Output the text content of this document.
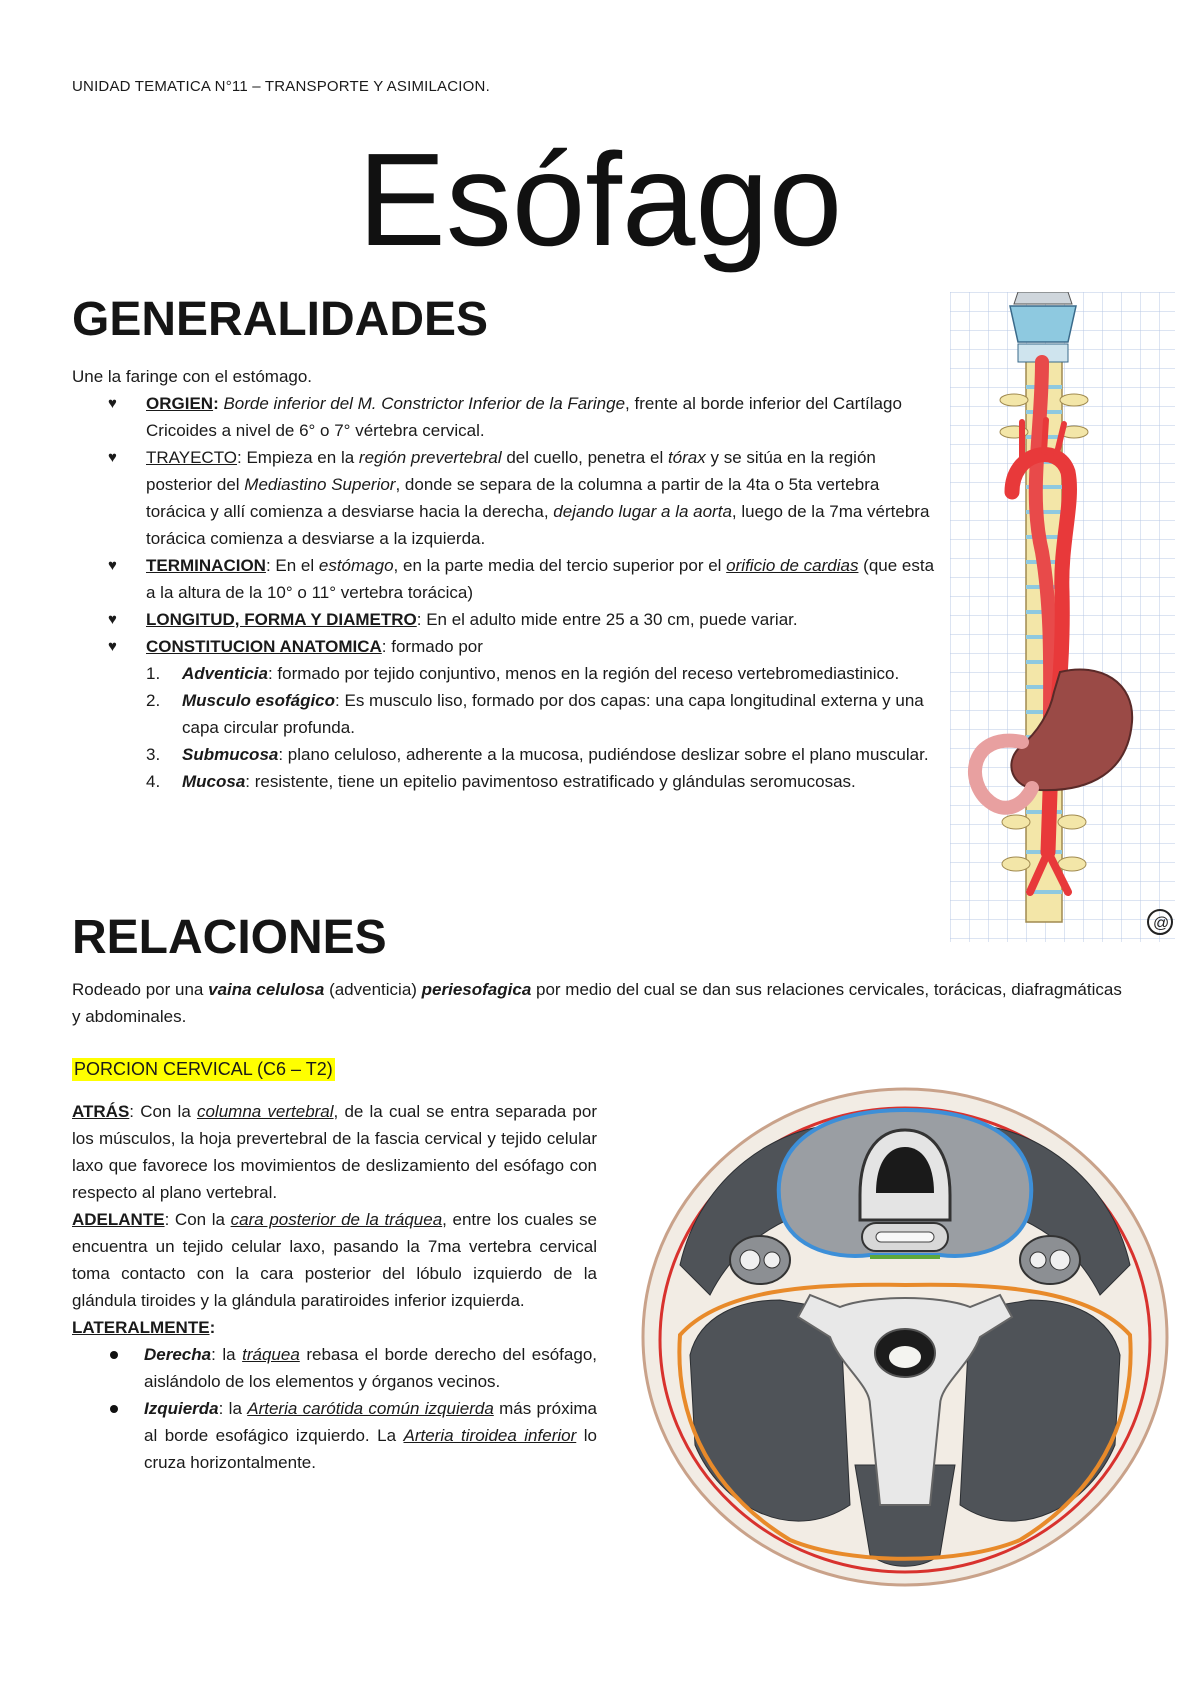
UNIDAD TEMATICA N°11 – TRANSPORTE Y ASIMILACION.
Esófago
GENERALIDADES
Une la faringe con el estómago.
♥ ORGIEN: Borde inferior del M. Constrictor Inferior de la Faringe, frente al borde inferior del Cartílago Cricoides a nivel de 6° o 7° vértebra cervical.
♥ TRAYECTO: Empieza en la región prevertebral del cuello, penetra el tórax y se sitúa en la región posterior del Mediastino Superior, donde se separa de la columna a partir de la 4ta o 5ta vertebra torácica y allí comienza a desviarse hacia la derecha, dejando lugar a la aorta, luego de la 7ma vértebra torácica comienza a desviarse a la izquierda.
♥ TERMINACION: En el estómago, en la parte media del tercio superior por el orificio de cardias (que esta a la altura de la 10° o 11° vertebra torácica)
♥ LONGITUD, FORMA Y DIAMETRO: En el adulto mide entre 25 a 30 cm, puede variar.
♥ CONSTITUCION ANATOMICA: formado por
1. Adventicia: formado por tejido conjuntivo, menos en la región del receso vertebromediastinico.
2. Musculo esofágico: Es musculo liso, formado por dos capas: una capa longitudinal externa y una capa circular profunda.
3. Submucosa: plano celuloso, adherente a la mucosa, pudiéndose deslizar sobre el plano muscular.
4. Mucosa: resistente, tiene un epitelio pavimentoso estratificado y glándulas seromucosas.
@
RELACIONES
Rodeado por una vaina celulosa (adventicia) periesofagica por medio del cual se dan sus relaciones cervicales, torácicas, diafragmáticas y abdominales.
PORCION CERVICAL (C6 – T2)

ATRÁS: Con la columna vertebral, de la cual se entra separada por los músculos, la hoja prevertebral de la fascia cervical y tejido celular laxo que favorece los movimientos de deslizamiento del esófago con respecto al plano vertebral.

ADELANTE: Con la cara posterior de la tráquea, entre los cuales se encuentra un tejido celular laxo, pasando la 7ma vertebra cervical toma contacto con la cara posterior del lóbulo izquierdo de la glándula tiroides y la glándula paratiroides inferior izquierda.

LATERALMENTE:

Derecha: la tráquea rebasa el borde derecho del esófago, aislándolo de los elementos y órganos vecinos.
Izquierda: la Arteria carótida común izquierda más próxima al borde esofágico izquierdo. La Arteria tiroidea inferior lo cruza horizontalmente.
